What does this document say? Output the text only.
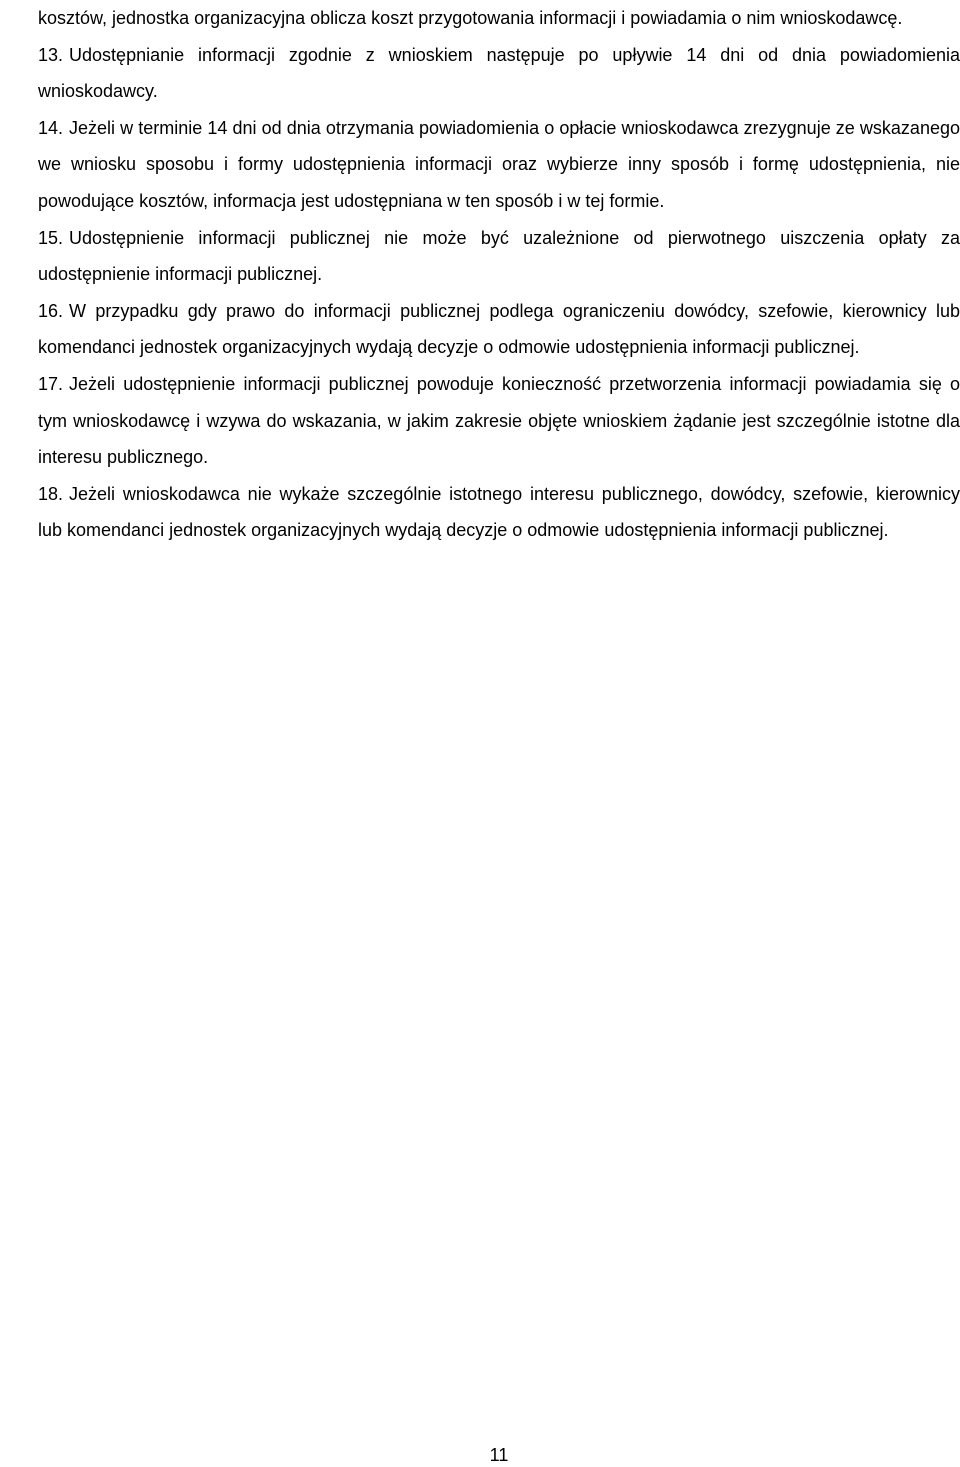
kosztów, jednostka organizacyjna oblicza koszt przygotowania informacji i powiadamia o nim wnioskodawcę.

13. Udostępnianie informacji zgodnie z wnioskiem następuje po upływie 14 dni od dnia powiadomienia wnioskodawcy.

14. Jeżeli w terminie 14 dni od dnia otrzymania powiadomienia o opłacie wnioskodawca zrezygnuje ze wskazanego we wniosku sposobu i formy udostępnienia informacji oraz wybierze inny sposób i formę udostępnienia, nie powodujące kosztów, informacja jest udostępniana w ten sposób i w tej formie.

15. Udostępnienie informacji publicznej nie może być uzależnione od pierwotnego uiszczenia opłaty za udostępnienie informacji publicznej.

16. W przypadku gdy prawo do informacji publicznej podlega ograniczeniu dowódcy, szefowie, kierownicy lub komendanci jednostek organizacyjnych wydają decyzje o odmowie udostępnienia informacji publicznej.

17. Jeżeli udostępnienie informacji publicznej powoduje konieczność przetworzenia informacji powiadamia się o tym wnioskodawcę i wzywa do wskazania, w jakim zakresie objęte wnioskiem żądanie jest szczególnie istotne dla interesu publicznego.

18. Jeżeli wnioskodawca nie wykaże szczególnie istotnego interesu publicznego, dowódcy, szefowie, kierownicy lub komendanci jednostek organizacyjnych wydają decyzje o odmowie udostępnienia informacji publicznej.

11
